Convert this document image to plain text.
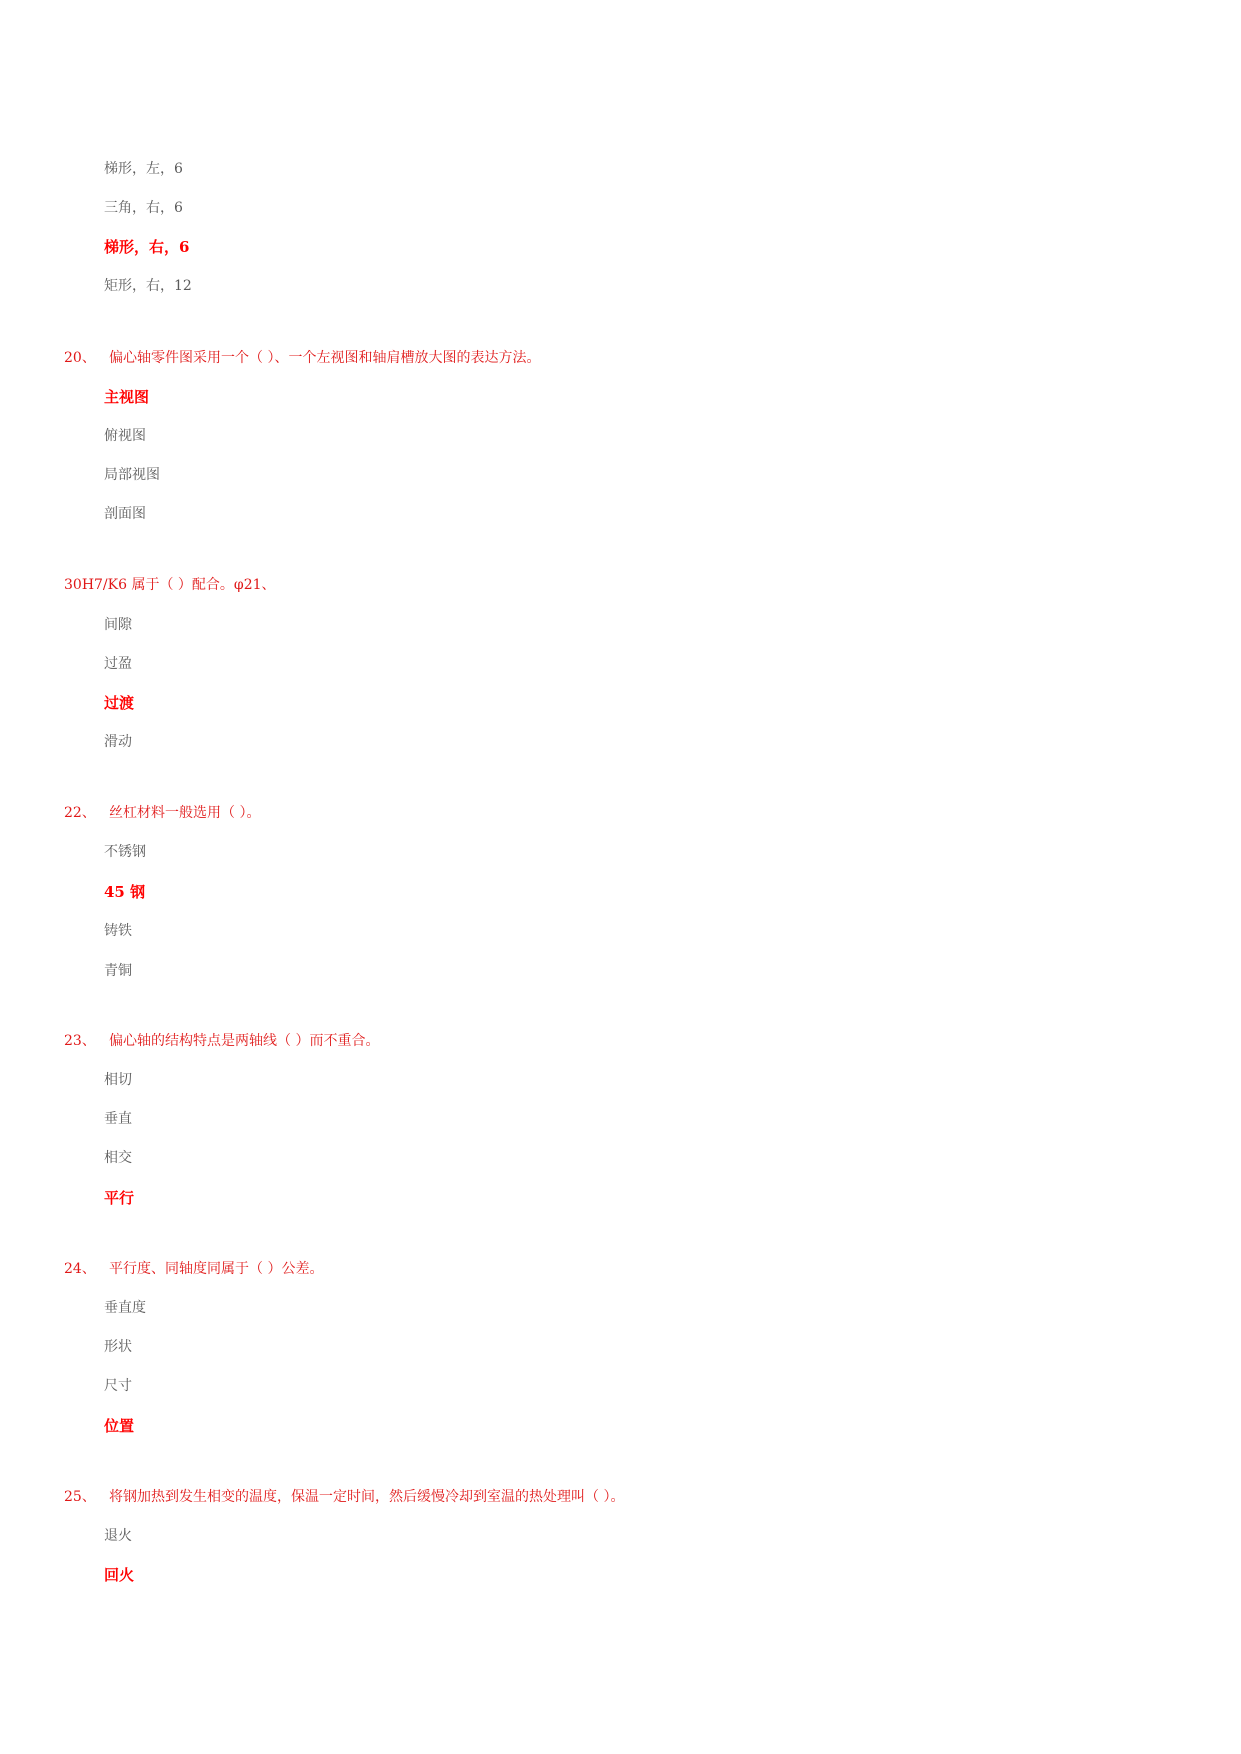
梯形，左，6
三角，右，6
梯形，右，6
矩形，右，12
20、 偏心轴零件图采用一个（ ）、一个左视图和轴肩槽放大图的表达方法。
主视图
俯视图
局部视图
剖面图
30H7/K6 属于（ ）配合。φ21、
间隙
过盈
过渡
滑动
22、 丝杠材料一般选用（ ）。
不锈钢
45 钢
铸铁
青铜
23、 偏心轴的结构特点是两轴线（ ）而不重合。
相切
垂直
相交
平行
24、 平行度、同轴度同属于（ ）公差。
垂直度
形状
尺寸
位置
25、 将钢加热到发生相变的温度，保温一定时间，然后缓慢冷却到室温的热处理叫（ ）。
退火
回火
